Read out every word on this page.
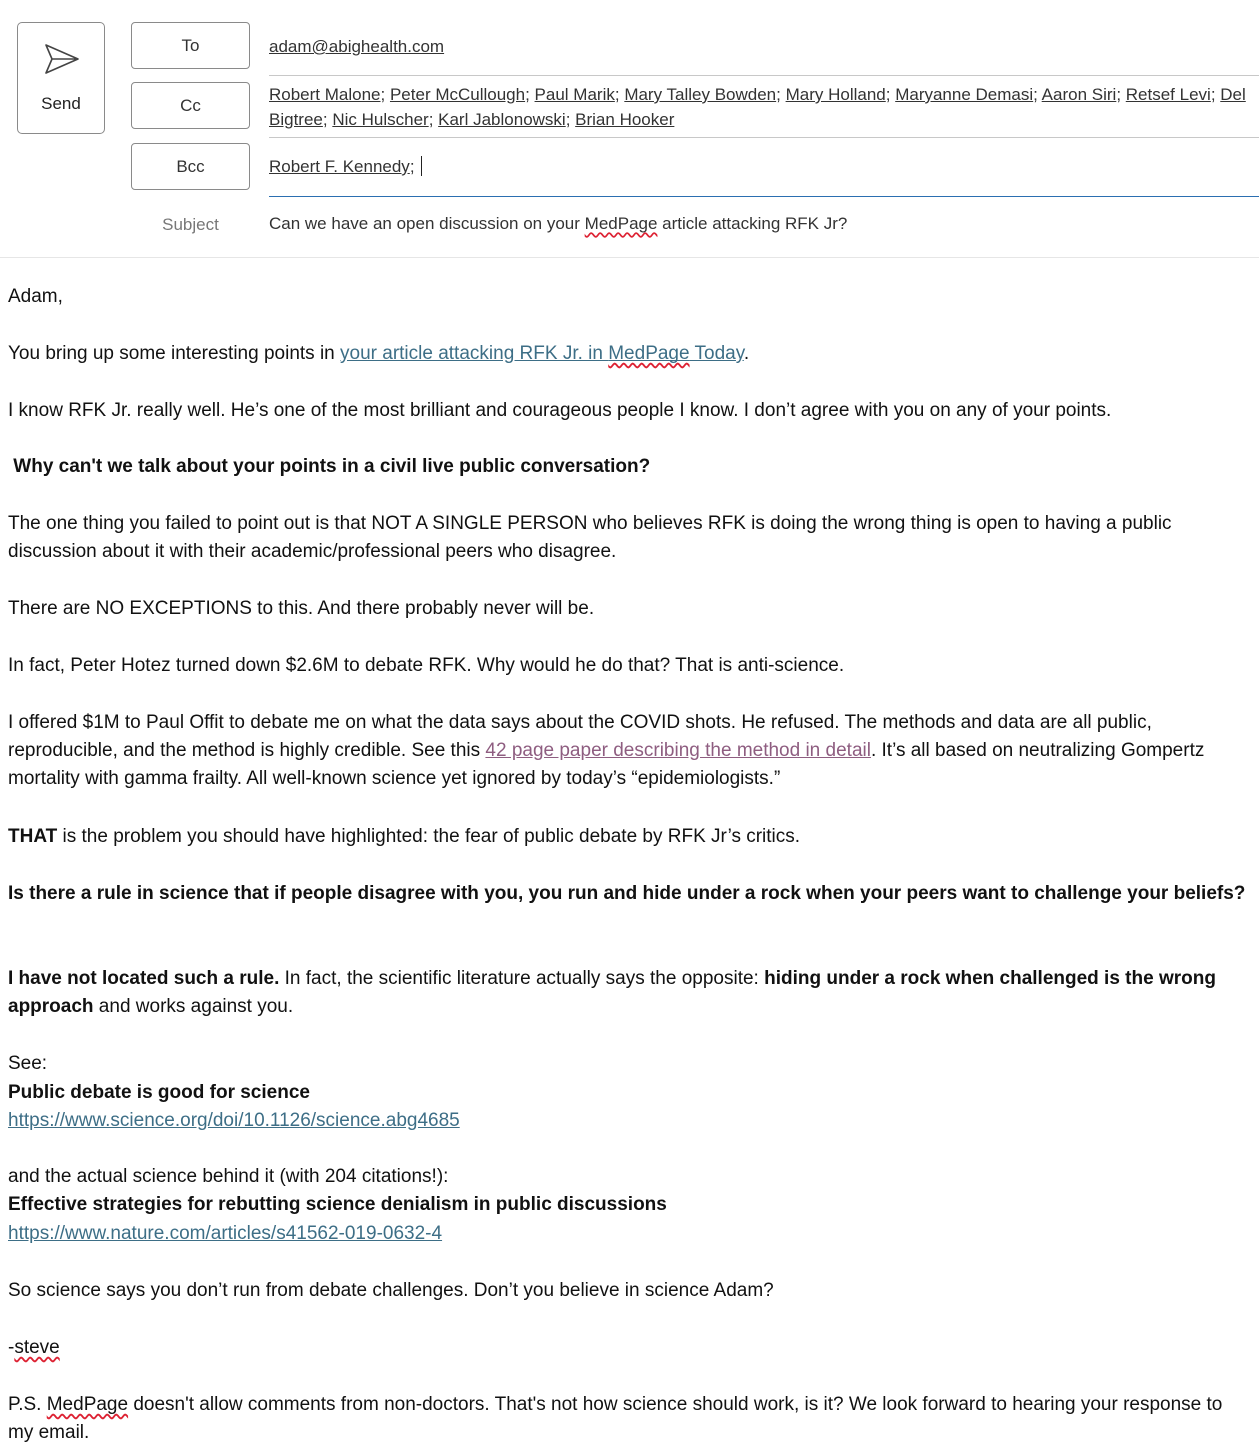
Send
To
Cc
Bcc
adam@abighealth.com
Robert Malone; Peter McCullough; Paul Marik; Mary Talley Bowden; Mary Holland; Maryanne Demasi; Aaron Siri; Retsef Levi; Del Bigtree; Nic Hulscher; Karl Jablonowski; Brian Hooker
Robert F. Kennedy;
Subject	Can we have an open discussion on your MedPage article attacking RFK Jr?
Adam,
You bring up some interesting points in your article attacking RFK Jr. in MedPage Today.
I know RFK Jr. really well. He’s one of the most brilliant and courageous people I know. I don’t agree with you on any of your points.
Why can't we talk about your points in a civil live public conversation?
The one thing you failed to point out is that NOT A SINGLE PERSON who believes RFK is doing the wrong thing is open to having a public discussion about it with their academic/professional peers who disagree.
There are NO EXCEPTIONS to this. And there probably never will be.
In fact, Peter Hotez turned down $2.6M to debate RFK. Why would he do that? That is anti-science.
I offered $1M to Paul Offit to debate me on what the data says about the COVID shots. He refused. The methods and data are all public, reproducible, and the method is highly credible. See this 42 page paper describing the method in detail. It’s all based on neutralizing Gompertz mortality with gamma frailty. All well-known science yet ignored by today’s “epidemiologists.”
THAT is the problem you should have highlighted: the fear of public debate by RFK Jr’s critics.
Is there a rule in science that if people disagree with you, you run and hide under a rock when your peers want to challenge your beliefs?
I have not located such a rule. In fact, the scientific literature actually says the opposite: hiding under a rock when challenged is the wrong approach and works against you.
See:
Public debate is good for science
https://www.science.org/doi/10.1126/science.abg4685
and the actual science behind it (with 204 citations!):
Effective strategies for rebutting science denialism in public discussions
https://www.nature.com/articles/s41562-019-0632-4
So science says you don’t run from debate challenges. Don’t you believe in science Adam?
-steve
P.S. MedPage doesn't allow comments from non-doctors. That's not how science should work, is it? We look forward to hearing your response to my email.
